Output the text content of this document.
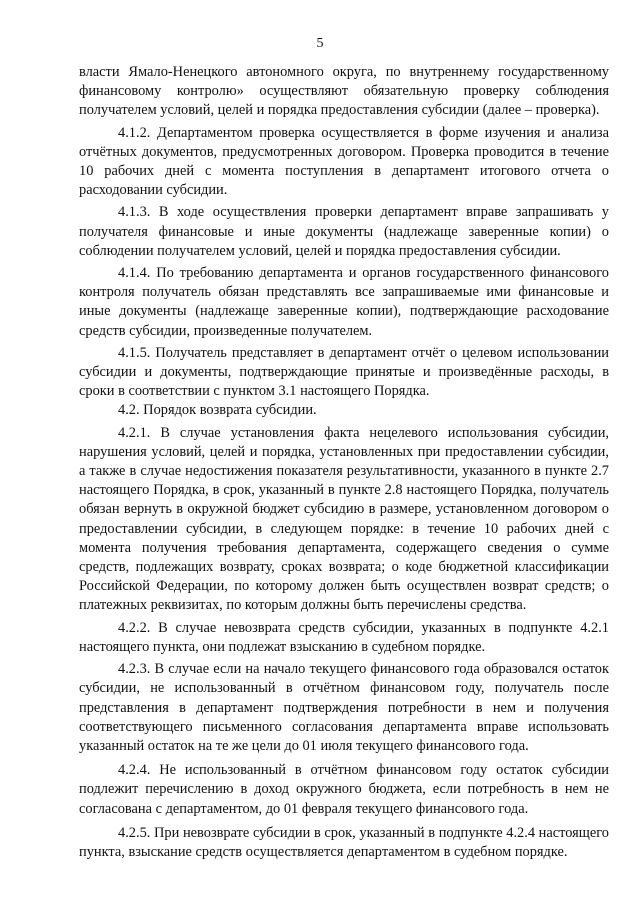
5

власти Ямало-Ненецкого автономного округа, по внутреннему государственному финансовому контролю» осуществляют обязательную проверку соблюдения получателем условий, целей и порядка предоставления субсидии (далее – проверка).

4.1.2. Департаментом проверка осуществляется в форме изучения и анализа отчётных документов, предусмотренных договором. Проверка проводится в течение 10 рабочих дней с момента поступления в департамент итогового отчета о расходовании субсидии.

4.1.3. В ходе осуществления проверки департамент вправе запрашивать у получателя финансовые и иные документы (надлежаще заверенные копии) о соблюдении получателем условий, целей и порядка предоставления субсидии.

4.1.4. По требованию департамента и органов государственного финансового контроля получатель обязан представлять все запрашиваемые ими финансовые и иные документы (надлежаще заверенные копии), подтверждающие расходование средств субсидии, произведенные получателем.

4.1.5. Получатель представляет в департамент отчёт о целевом использовании субсидии и документы, подтверждающие принятые и произведённые расходы, в сроки в соответствии с пунктом 3.1 настоящего Порядка.

4.2. Порядок возврата субсидии.

4.2.1. В случае установления факта нецелевого использования субсидии, нарушения условий, целей и порядка, установленных при предоставлении субсидии, а также в случае недостижения показателя результативности, указанного в пункте 2.7 настоящего Порядка, в срок, указанный в пункте 2.8 настоящего Порядка, получатель обязан вернуть в окружной бюджет субсидию в размере, установленном договором о предоставлении субсидии, в следующем порядке: в течение 10 рабочих дней с момента получения требования департамента, содержащего сведения о сумме средств, подлежащих возврату, сроках возврата; о коде бюджетной классификации Российской Федерации, по которому должен быть осуществлен возврат средств; о платежных реквизитах, по которым должны быть перечислены средства.

4.2.2. В случае невозврата средств субсидии, указанных в подпункте 4.2.1 настоящего пункта, они подлежат взысканию в судебном порядке.

4.2.3. В случае если на начало текущего финансового года образовался остаток субсидии, не использованный в отчётном финансовом году, получатель после представления в департамент подтверждения потребности в нем и получения соответствующего письменного согласования департамента вправе использовать указанный остаток на те же цели до 01 июля текущего финансового года.

4.2.4. Не использованный в отчётном финансовом году остаток субсидии подлежит перечислению в доход окружного бюджета, если потребность в нем не согласована с департаментом, до 01 февраля текущего финансового года.

4.2.5. При невозврате субсидии в срок, указанный в подпункте 4.2.4 настоящего пункта, взыскание средств осуществляется департаментом в судебном порядке.
